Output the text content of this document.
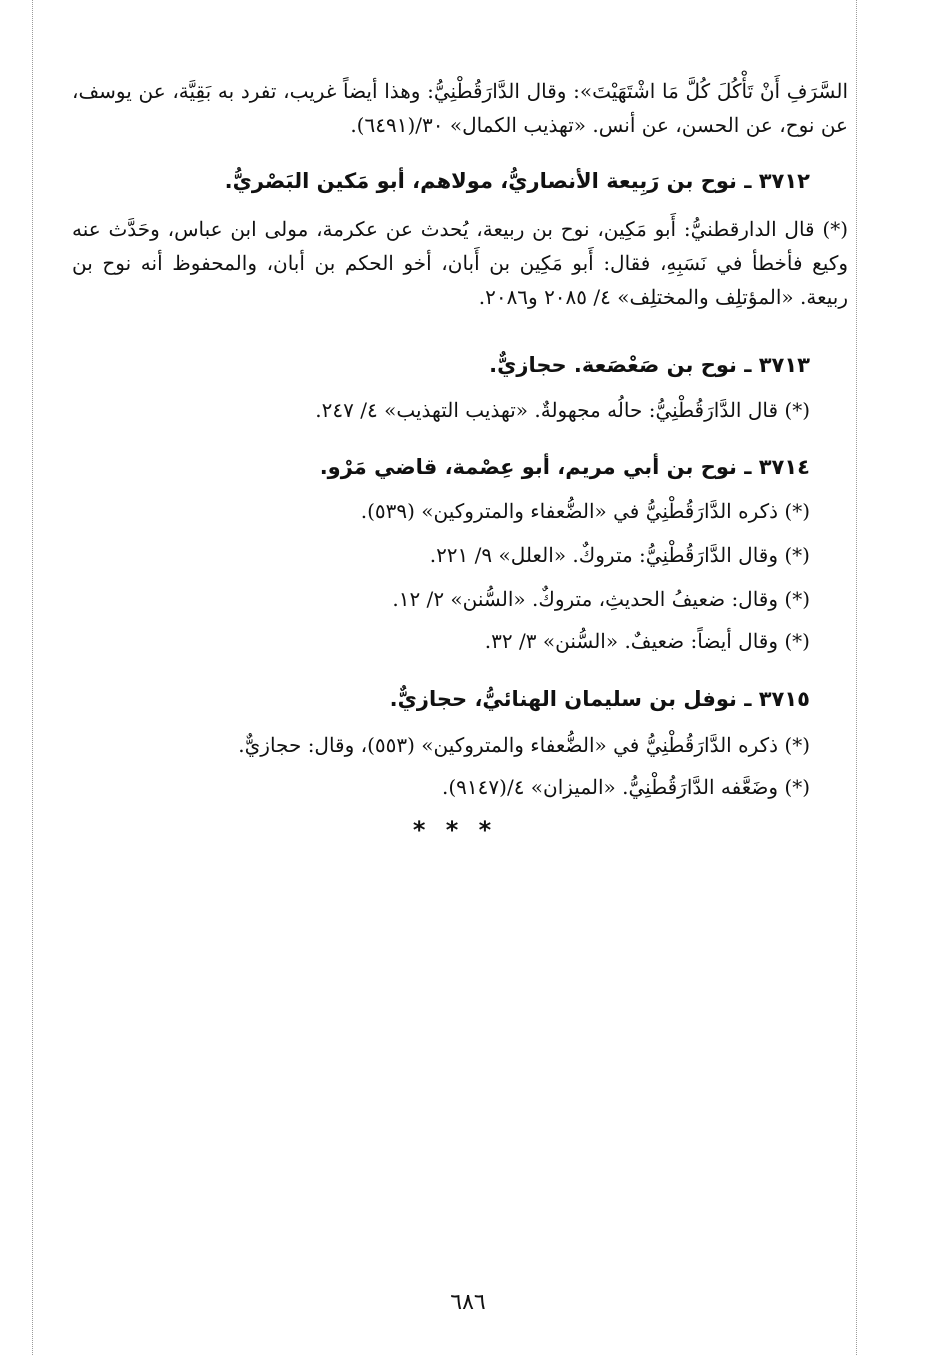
السَّرَفِ أَنْ تَأْكُلَ كُلَّ مَا اشْتَهَيْتَ»: وقال الدَّارَقُطْنِيُّ: وهذا أيضاً غريب، تفرد به بَقِيَّة، عن يوسف، عن نوح، عن الحسن، عن أنس. «تهذيب الكمال» ٣٠/(٦٤٩١).

٣٧١٢ ـ نوح بن رَبِيعة الأنصاريُّ، مولاهم، أبو مَكين البَصْريُّ.

(*) قال الدارقطنيُّ: أَبو مَكِين، نوح بن ربيعة، يُحدث عن عكرمة، مولى ابن عباس، وحَدَّث عنه وكيع فأخطأ في نَسَبِهِ، فقال: أَبو مَكِين بن أَبان، أخو الحكم بن أبان، والمحفوظ أنه نوح بن ربيعة. «المؤتلِف والمختلِف» ٤/ ٢٠٨٥ و٢٠٨٦.

٣٧١٣ ـ نوح بن صَعْصَعة. حجازيٌّ.

(*) قال الدَّارَقُطْنِيُّ: حالُه مجهولةٌ. «تهذيب التهذيب» ٤/ ٢٤٧.

٣٧١٤ ـ نوح بن أبي مريم، أبو عِصْمة، قاضي مَرْو.

(*) ذكره الدَّارَقُطْنِيُّ في «الضُّعفاء والمتروكين» (٥٣٩).

(*) وقال الدَّارَقُطْنِيُّ: متروكٌ. «العلل» ٩/ ٢٢١.

(*) وقال: ضعيفُ الحديثِ، متروكٌ. «السُّنن» ٢/ ١٢.

(*) وقال أيضاً: ضعيفٌ. «السُّنن» ٣/ ٣٢.

٣٧١٥ ـ نوفل بن سليمان الهنائيُّ، حجازيٌّ.

(*) ذكره الدَّارَقُطْنِيُّ في «الضُّعفاء والمتروكين» (٥٥٣)، وقال: حجازيٌّ.

(*) وضَعَّفه الدَّارَقُطْنِيُّ. «الميزان» ٤/(٩١٤٧).

* * *
٦٨٦
